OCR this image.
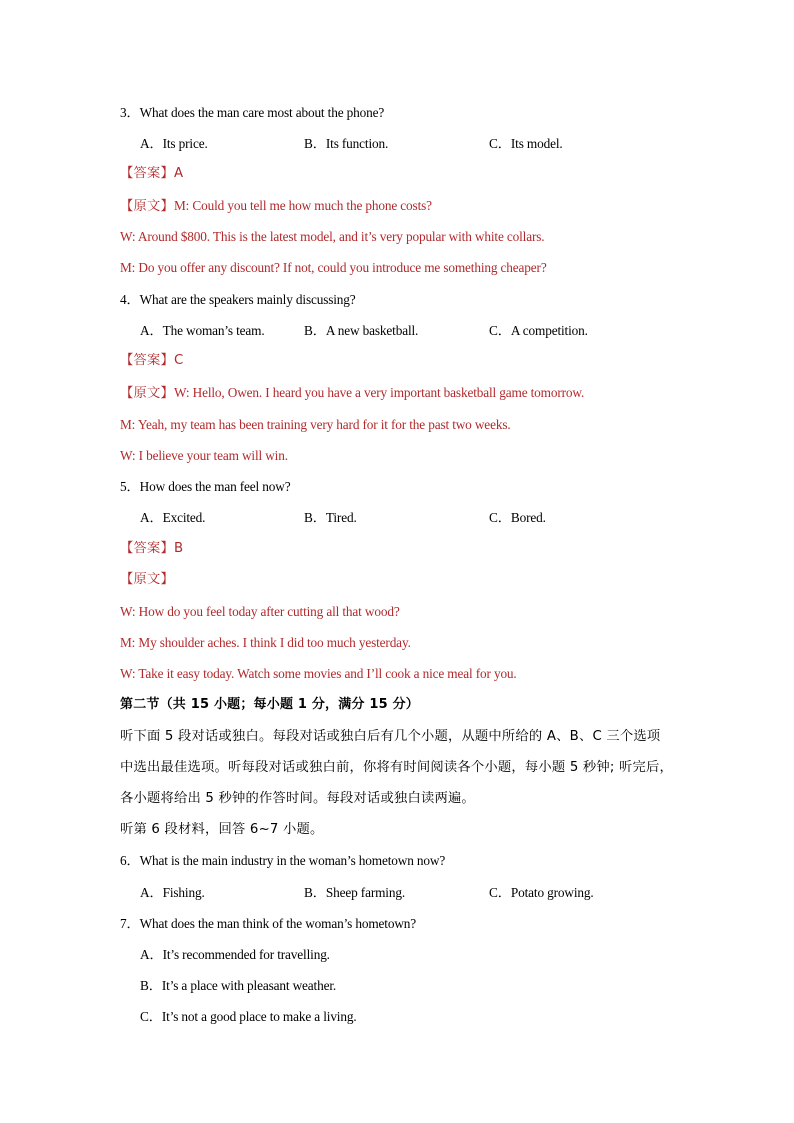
3．What does the man care most about the phone?
A．Its price.	B．Its function.	C．Its model.
【答案】A
【原文】M: Could you tell me how much the phone costs?
W: Around $800. This is the latest model, and it’s very popular with white collars.
M: Do you offer any discount? If not, could you introduce me something cheaper?
4．What are the speakers mainly discussing?
A．The woman’s team.	B．A new basketball.	C．A competition.
【答案】C
【原文】W: Hello, Owen. I heard you have a very important basketball game tomorrow.
M: Yeah, my team has been training very hard for it for the past two weeks.
W: I believe your team will win.
5．How does the man feel now?
A．Excited.	B．Tired.	C．Bored.
【答案】B
【原文】
W: How do you feel today after cutting all that wood?
M: My shoulder aches. I think I did too much yesterday.
W: Take it easy today. Watch some movies and I’ll cook a nice meal for you.
第二节（共 15 小题；每小题 1 分，满分 15 分）
听下面 5 段对话或独白。每段对话或独白后有几个小题，从题中所给的 A、B、C 三个选项
中选出最佳选项。听每段对话或独白前，你将有时间阅读各个小题，每小题 5 秒钟; 听完后，
各小题将给出 5 秒钟的作答时间。每段对话或独白读两遍。
听第 6 段材料，回答 6~7 小题。
6．What is the main industry in the woman’s hometown now?
A．Fishing.	B．Sheep farming.	C．Potato growing.
7．What does the man think of the woman’s hometown?
A．It’s recommended for travelling.
B．It’s a place with pleasant weather.
C．It’s not a good place to make a living.
